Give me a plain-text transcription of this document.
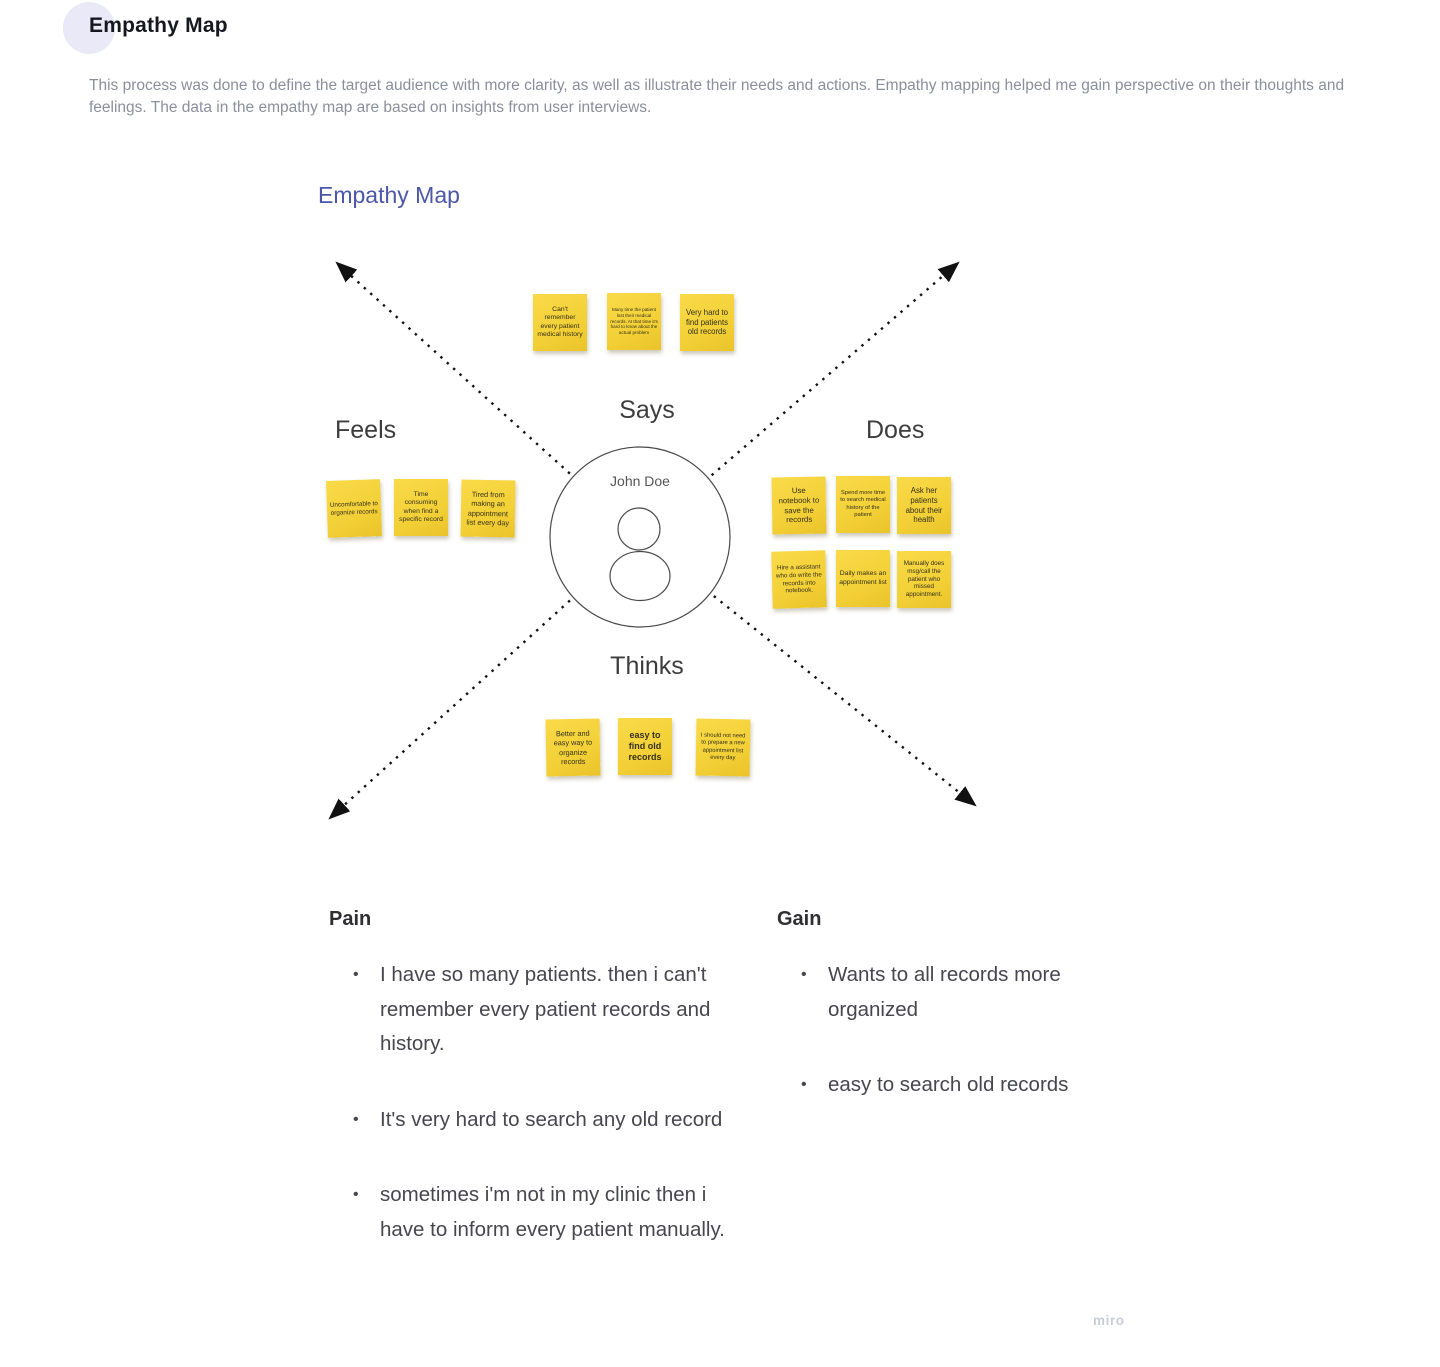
Empathy Map

This process was done to define the target audience with more clarity, as well as illustrate their needs and actions. Empathy mapping helped me gain perspective on their thoughts and feelings. The data in the empathy map are based on insights from user interviews.

Empathy Map
John Doe
Says
Feels	Does
Thinks
Can't remember every patient medical history
Many time the patient lost their medical records. At that time it's hard to know about the actual problem
Very hard to find patients old records
Uncomfortable to organize records
Time consuming when find a specific record
Tired from making an appointment list every day
Use notebook to save the records
Spend more time to search medical history of the patient
Ask her patients about their health
Hire a assistant who do write the records into notebook.
Daily makes an appointment list
Manually does msg/call the patient who missed appointment.
Better and easy way to organize records
easy to find old records
I should not need to prepare a new appointment list every day
Pain	Gain
• I have so many patients. then i can't remember every patient records and history.
• It's very hard to search any old record
• sometimes i'm not in my clinic then i have to inform every patient manually.
• Wants to all records more organized
• easy to search old records
miro
